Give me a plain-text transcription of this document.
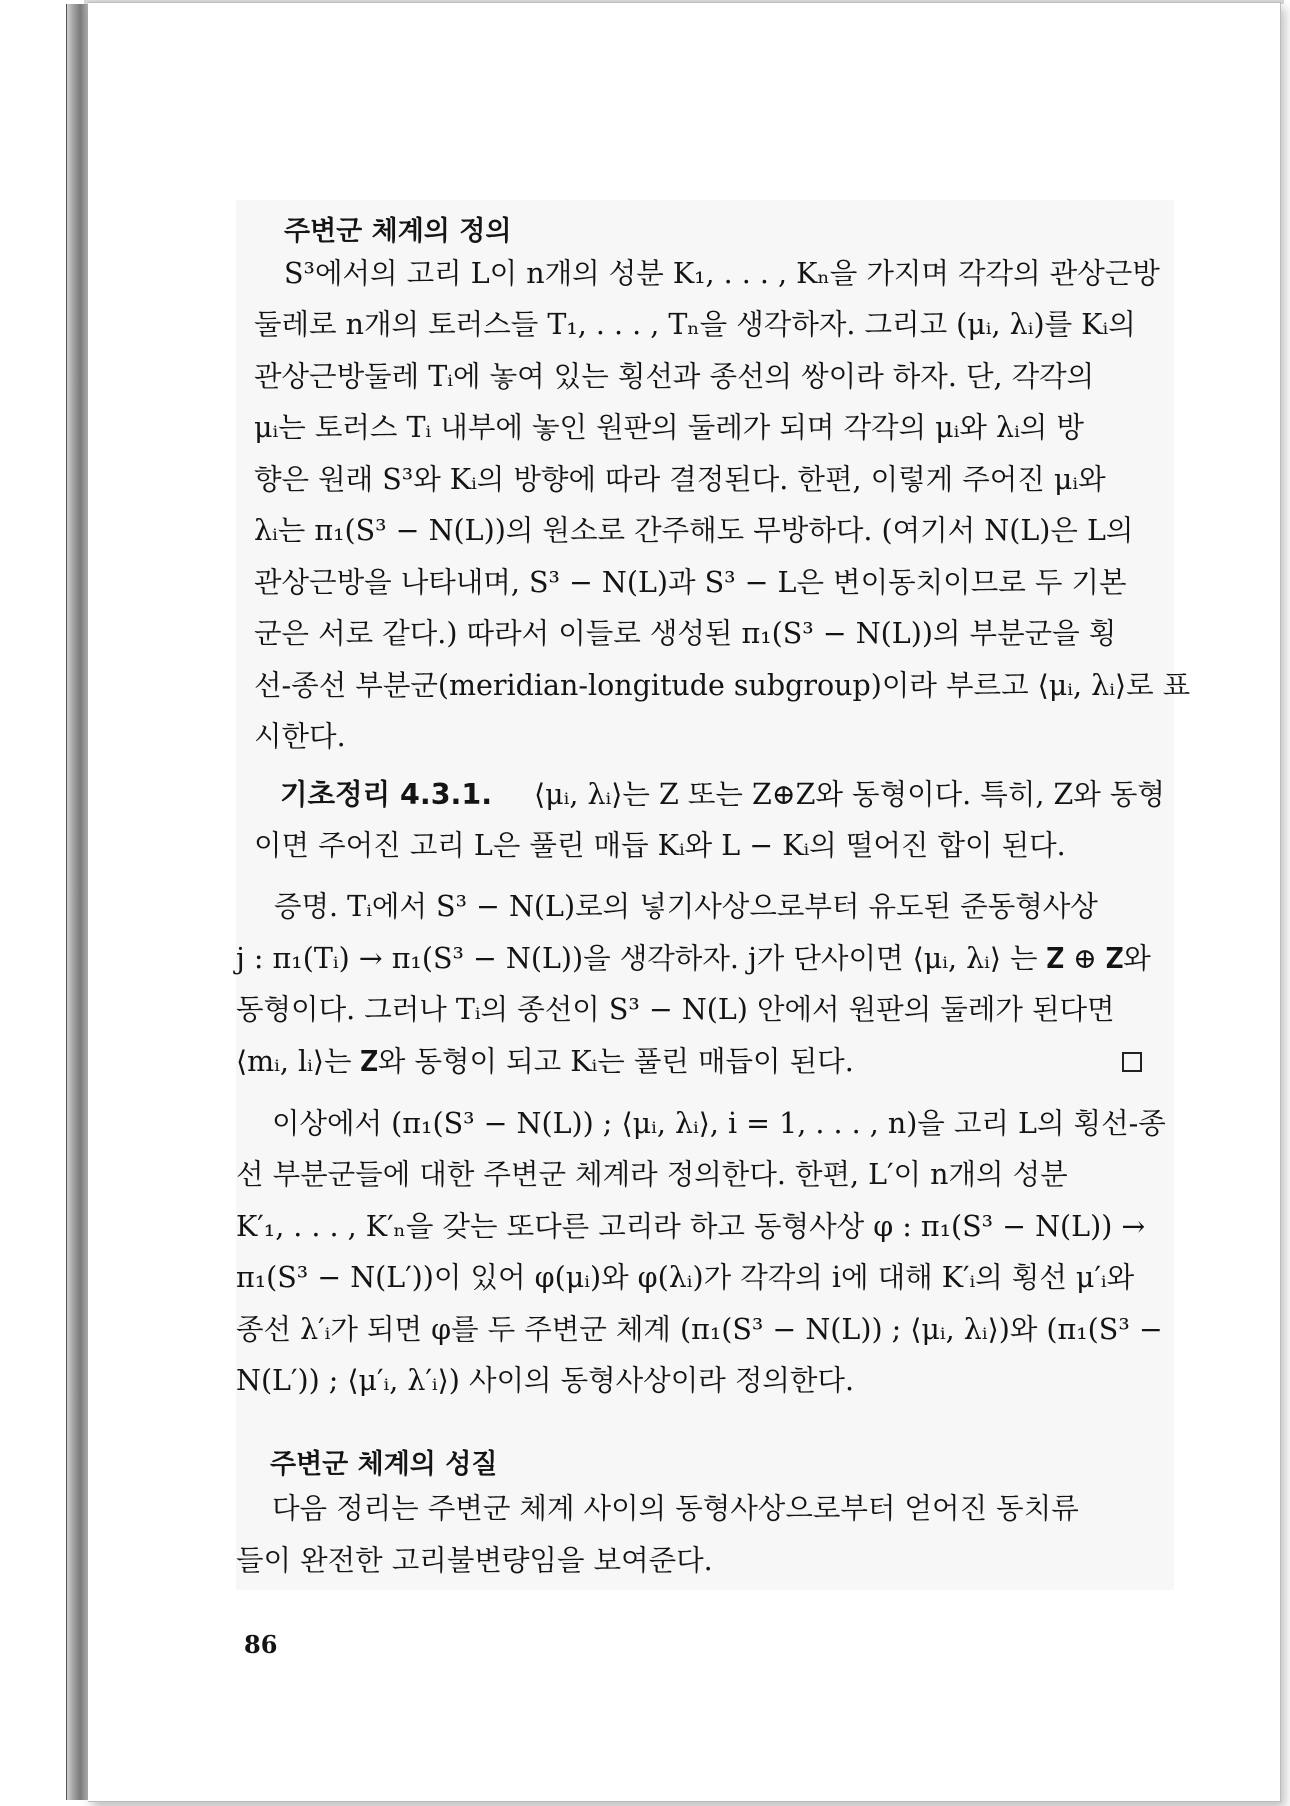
주변군 체계의 정의
S³에서의 고리 L이 n개의 성분 K₁, . . . , Kₙ을 가지며 각각의 관상근방
둘레로 n개의 토러스들 T₁, . . . , Tₙ을 생각하자. 그리고 (μᵢ, λᵢ)를 Kᵢ의
관상근방둘레 Tᵢ에 놓여 있는 횡선과 종선의 쌍이라 하자. 단, 각각의
μᵢ는 토러스 Tᵢ 내부에 놓인 원판의 둘레가 되며 각각의 μᵢ와 λᵢ의 방
향은 원래 S³와 Kᵢ의 방향에 따라 결정된다. 한편, 이렇게 주어진 μᵢ와
λᵢ는 π₁(S³ − N(L))의 원소로 간주해도 무방하다. (여기서 N(L)은 L의
관상근방을 나타내며, S³ − N(L)과 S³ − L은 변이동치이므로 두 기본
군은 서로 같다.) 따라서 이들로 생성된 π₁(S³ − N(L))의 부분군을 횡
선-종선 부분군(meridian-longitude subgroup)이라 부르고 ⟨μᵢ, λᵢ⟩로 표
시한다.
기초정리 4.3.1. ⟨μᵢ, λᵢ⟩는 Z 또는 Z⊕Z와 동형이다. 특히, Z와 동형
이면 주어진 고리 L은 풀린 매듭 Kᵢ와 L − Kᵢ의 떨어진 합이 된다.
증명. Tᵢ에서 S³ − N(L)로의 넣기사상으로부터 유도된 준동형사상
j : π₁(Tᵢ) → π₁(S³ − N(L))을 생각하자. j가 단사이면 ⟨μᵢ, λᵢ⟩ 는 𝐙 ⊕ 𝐙와
동형이다. 그러나 Tᵢ의 종선이 S³ − N(L) 안에서 원판의 둘레가 된다면
⟨mᵢ, lᵢ⟩는 𝐙와 동형이 되고 Kᵢ는 풀린 매듭이 된다.
이상에서 (π₁(S³ − N(L)) ; ⟨μᵢ, λᵢ⟩, i = 1, . . . , n)을 고리 L의 횡선-종
선 부분군들에 대한 주변군 체계라 정의한다. 한편, L′이 n개의 성분
K′₁, . . . , K′ₙ을 갖는 또다른 고리라 하고 동형사상 φ : π₁(S³ − N(L)) →
π₁(S³ − N(L′))이 있어 φ(μᵢ)와 φ(λᵢ)가 각각의 i에 대해 K′ᵢ의 횡선 μ′ᵢ와
종선 λ′ᵢ가 되면 φ를 두 주변군 체계 (π₁(S³ − N(L)) ; ⟨μᵢ, λᵢ⟩)와 (π₁(S³ −
N(L′)) ; ⟨μ′ᵢ, λ′ᵢ⟩) 사이의 동형사상이라 정의한다.
주변군 체계의 성질
다음 정리는 주변군 체계 사이의 동형사상으로부터 얻어진 동치류
들이 완전한 고리불변량임을 보여준다.
86
